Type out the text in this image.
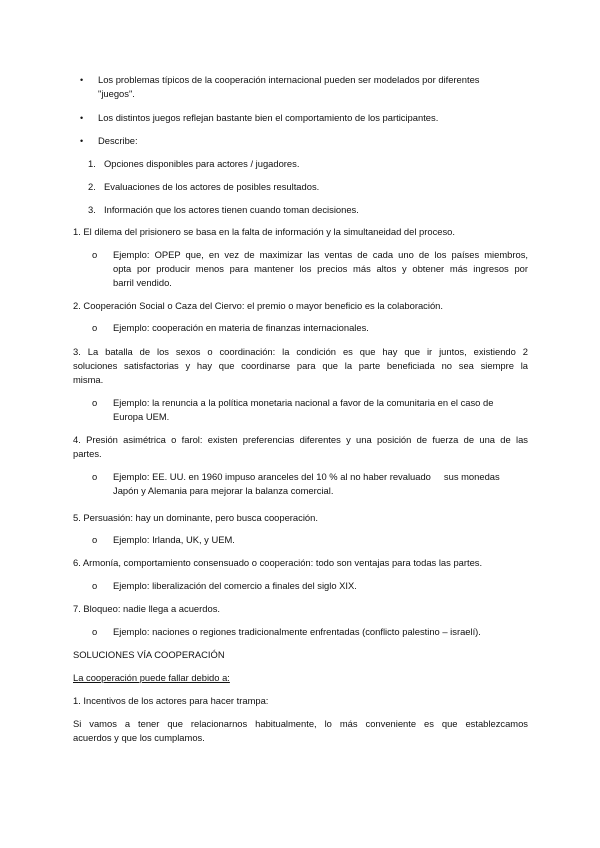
• Los problemas típicos de la cooperación internacional pueden ser modelados por diferentes
"juegos".
• Los distintos juegos reflejan bastante bien el comportamiento de los participantes.
• Describe:
1. Opciones disponibles para actores / jugadores.
2. Evaluaciones de los actores de posibles resultados.
3. Información que los actores tienen cuando toman decisiones.
1. El dilema del prisionero se basa en la falta de información y la simultaneidad del proceso.
o Ejemplo: OPEP que, en vez de maximizar las ventas de cada uno de los países miembros,
opta por producir menos para mantener los precios más altos y obtener más ingresos por
barril vendido.
2. Cooperación Social o Caza del Ciervo: el premio o mayor beneficio es la colaboración.
o Ejemplo: cooperación en materia de finanzas internacionales.
3. La batalla de los sexos o coordinación: la condición es que hay que ir juntos, existiendo 2
soluciones satisfactorias y hay que coordinarse para que la parte beneficiada no sea siempre la
misma.
o Ejemplo: la renuncia a la política monetaria nacional a favor de la comunitaria en el caso de
Europa UEM.
4. Presión asimétrica o farol: existen preferencias diferentes y una posición de fuerza de una de las
partes.
o Ejemplo: EE. UU. en 1960 impuso aranceles del 10 % al no haber revaluado     sus monedas
Japón y Alemania para mejorar la balanza comercial.
5. Persuasión: hay un dominante, pero busca cooperación.
o Ejemplo: Irlanda, UK, y UEM.
6. Armonía, comportamiento consensuado o cooperación: todo son ventajas para todas las partes.
o Ejemplo: liberalización del comercio a finales del siglo XIX.
7. Bloqueo: nadie llega a acuerdos.
o Ejemplo: naciones o regiones tradicionalmente enfrentadas (conflicto palestino – israelí).
SOLUCIONES VÍA COOPERACIÓN
La cooperación puede fallar debido a:
1. Incentivos de los actores para hacer trampa:
Si vamos a tener que relacionarnos habitualmente, lo más conveniente es que establezcamos
acuerdos y que los cumplamos.
